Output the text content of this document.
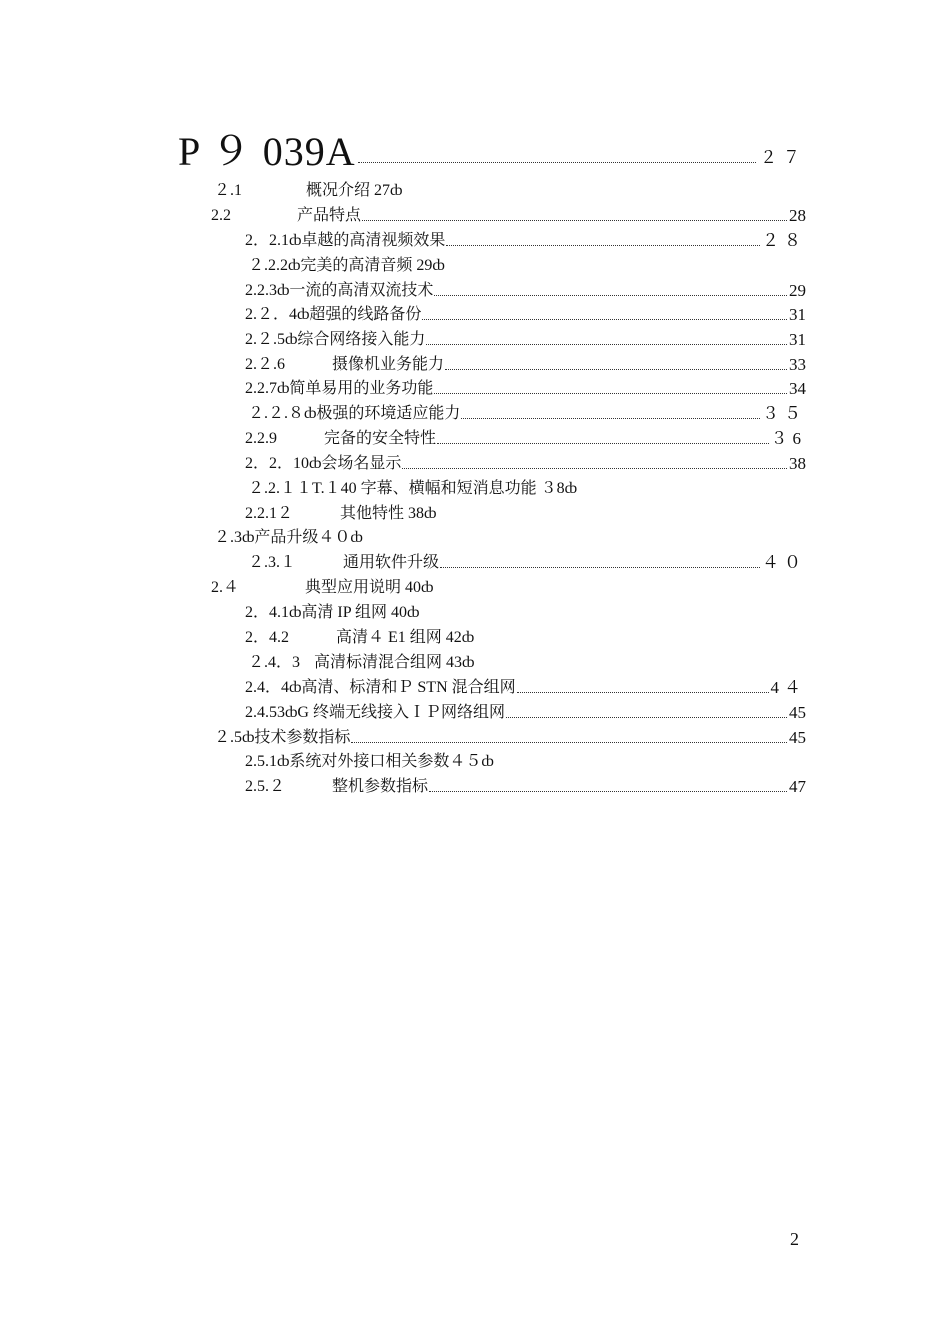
P ９ 039A	２７
２.1	概况介绍 27ȸ
2.2	产品特点	28
2．2.1 ȸ卓越的高清视频效果	２８
２.2.2 ȸ完美的高清音频 29ȸ
2.2.3 ȸ一流的高清双流技术	29
2.２．4 ȸ超强的线路备份	31
2.２.5 ȸ综合网络接入能力	31
2.２.6	摄像机业务能力	33
2.2.7 ȸ简单易用的业务功能	34
２.２.８ ȸ极强的环境适应能力	３５
2.2.9	完备的安全特性	３6
2．2．10 ȸ会场名显示	38
２.2.１１ T.１40 字幕、横幅和短消息功能 ３8ȸ
2.2.1２	其他特性 38ȸ
２.3 ȸ产品升级４０ȸ
２.3.１	通用软件升级	４０
2.４	典型应用说明 40ȸ
2．4.1 ȸ高清 IP 组网 40ȸ
2．4.2	高清４ E1 组网 42ȸ
２.4．3 高清标清混合组网 43ȸ
2.4．4 ȸ高清、标清和Ｐ STN 混合组网	4４
2.4.5 3ȸG 终端无线接入ＩＰ网络组网	45
２.5 ȸ技术参数指标	45
2.5.1 ȸ系统对外接口相关参数４５ȸ
2.5.２	整机参数指标	47
2
